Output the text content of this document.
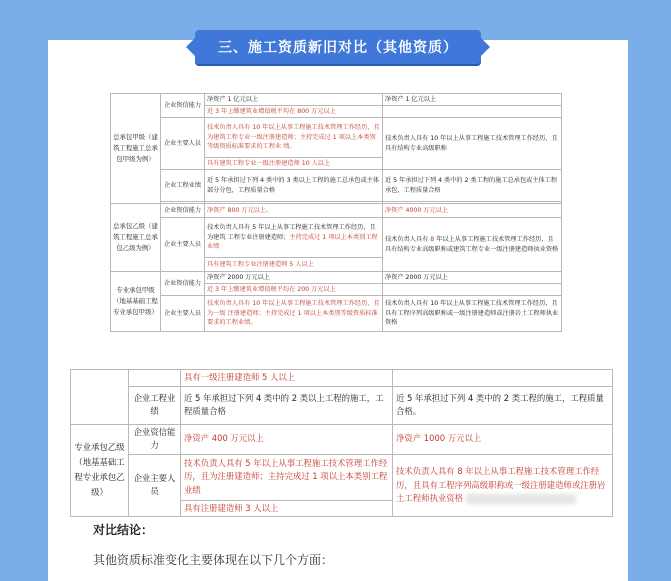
三、施工资质新旧对比（其他资质）
总承包甲级（建筑工程施工总承包甲级为例）	企业资信能力	净资产 1 亿元以上	净资产 1 亿元以上
		近 3 年上缴建筑业增值税平均在 800 万元以上	
	企业主要人员	技术负责人具有 10 年以上从事工程施工技术管理工作经历，且为建筑工程专业一级注册建造师；主持完成过 1 项以上本类别等级资质标准要求的工程业 绩。	技术负责人具有 10 年以上从事工程施工技术管理工作经历，且具有结构专业高级职称
		具有建筑工程专业一级注册建造师 10 人以上	
	企业工程业绩	近 5 年承担过下列 4 类中的 3 类以上工程的施工总承包或主体部分分包，工程质量合格	近 5 年承担过下列 4 类中的 2 类工程的施工总承包或主体工程承包，工程质量合格

总承包乙级（建筑工程施工总承包乙级为例）	企业资信能力	净资产 800 万元以上。	净资产 4000 万元以上
	企业主要人员	技术负责人具有 5 年以上从事工程施工技术管理工作经历，且为建筑 工程专业注册建造师；主持完成过 1 项以上本类别工程业绩	技术负责人具有 8 年以上从事工程施工技术管理工作经历，且具有结构专业高级职称或建筑工程专业一级注册建造师执业资格
		具有建筑工程专业注册建造师 5 人以上	
专业承包甲级（地基基础工程专业承包甲级）	企业资信能力	净资产 2000 万元以上	净资产 2000 万元以上
		近 3 年上缴建筑业增值税平均在 200 万元以上	
	企业主要人员	技术负责人具有 10 年以上从事工程施工技术管理工作经历，且为一级 注册建造师；主持完成过 1 项以上本类别等级资质标准要求的工程业绩。	技术负责人具有 10 年以上从事工程施工技术管理工作经历，且具有工程序列高级职称或一级注册建造师或注册岩土工程师执业资格
		具有一级注册建造师 5 人以上	
	企业工程业绩	近 5 年承担过下列 4 类中的 2 类以上工程的施工，工程质量合格	近 5 年承担过下列 4 类中的 2 类工程的施工，工程质量合格。
专业承包乙级（地基基础工程专业承包乙级）	企业资信能力	净资产 400 万元以上	净资产 1000 万元以上
	企业主要人员	技术负责人具有 5 年以上从事工程施工技术管理工作经历，且为注册建造师；主持完成过 1 项以上本类别工程业绩	技术负责人具有 8 年以上从事工程施工技术管理工作经历，且具有工程序列高级职称或一级注册建造师或注册岩土工程师执业资格
		具有注册建造师 3 人以上	
对比结论：
其他资质标准变化主要体现在以下几个方面：
